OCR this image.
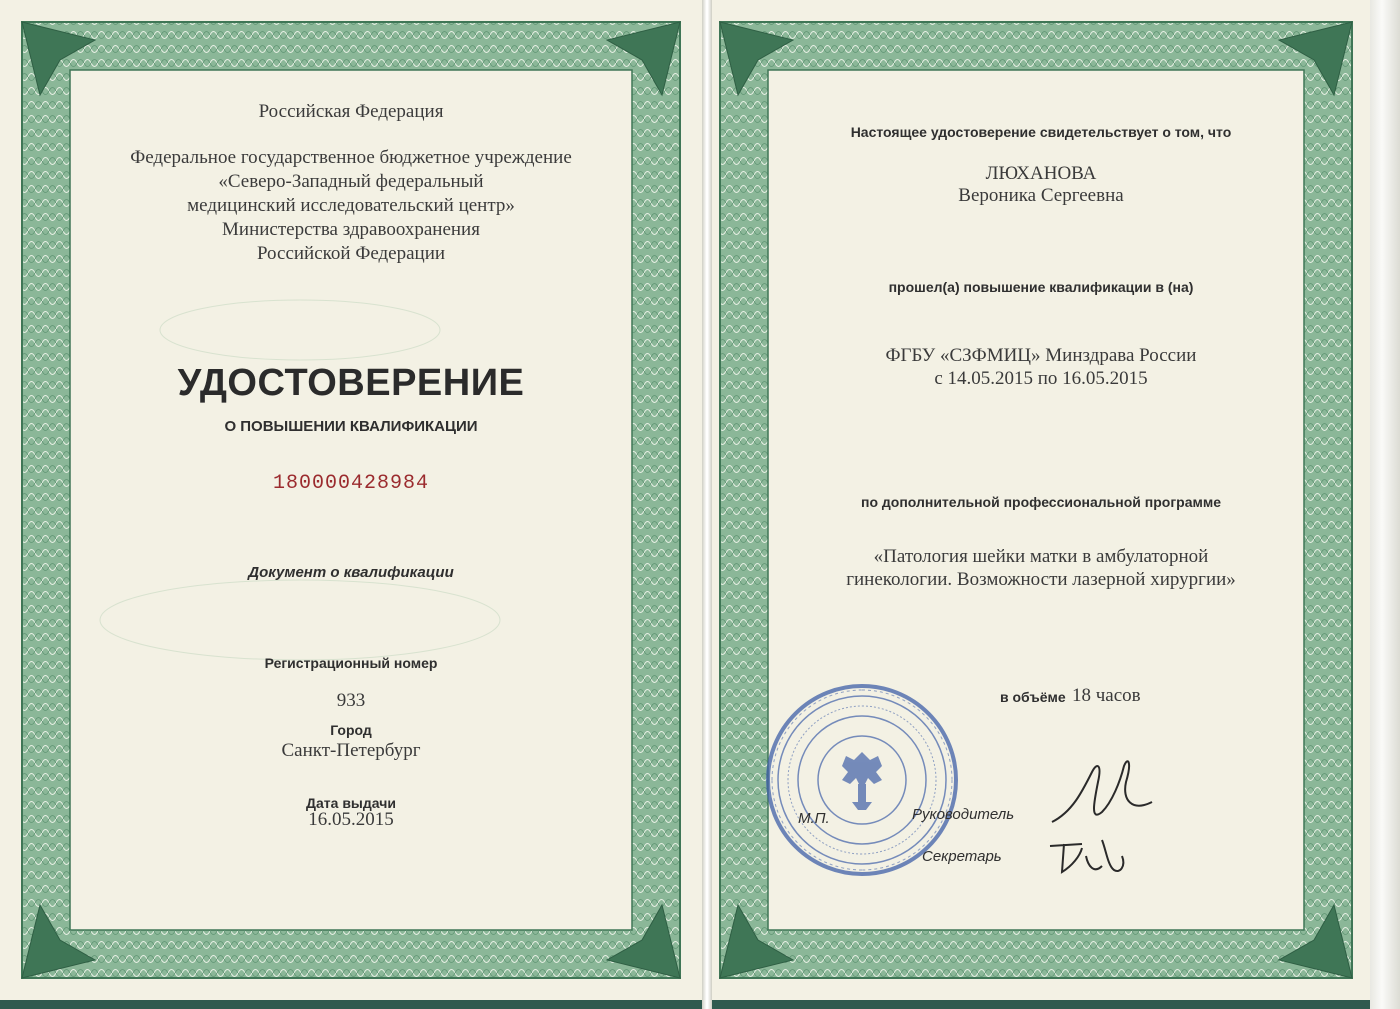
Российская Федерация
Федеральное государственное бюджетное учреждение
«Северо-Западный федеральный
медицинский исследовательский центр»
Министерства здравоохранения
Российской Федерации
УДОСТОВЕРЕНИЕ
О ПОВЫШЕНИИ КВАЛИФИКАЦИИ
180000428984
Документ о квалификации
Регистрационный номер
933
Город
Санкт-Петербург
Дата выдачи
16.05.2015
Настоящее удостоверение свидетельствует о том, что
ЛЮХАНОВА
Вероника Сергеевна
прошел(а) повышение квалификации в (на)
ФГБУ «СЗФМИЦ» Минздрава России
с 14.05.2015 по 16.05.2015
по дополнительной профессиональной программе
«Патология шейки матки в амбулаторной
гинекологии. Возможности лазерной хирургии»
в объёме 18 часов
М.П.	Руководитель
Секретарь
